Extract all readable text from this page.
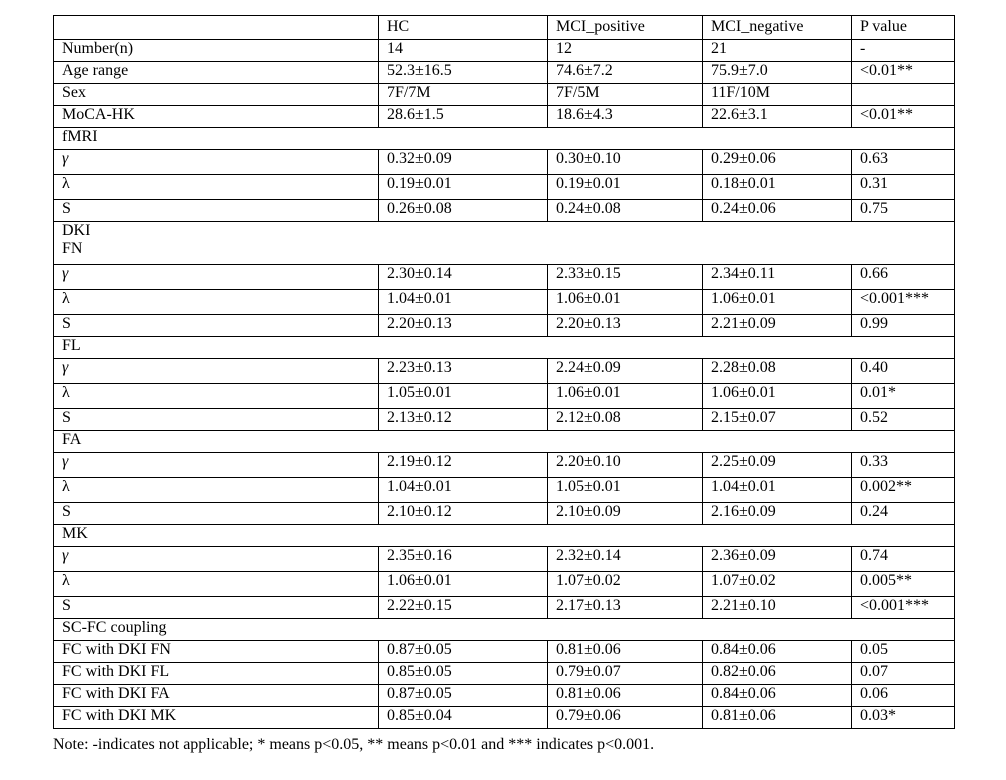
	HC	MCI_positive	MCI_negative	P value
Number(n)	14	12	21	-
Age range	52.3±16.5	74.6±7.2	75.9±7.0	<0.01**
Sex	7F/7M	7F/5M	11F/10M	
MoCA-HK	28.6±1.5	18.6±4.3	22.6±3.1	<0.01**
fMRI				
γ	0.32±0.09	0.30±0.10	0.29±0.06	0.63
λ	0.19±0.01	0.19±0.01	0.18±0.01	0.31
S	0.26±0.08	0.24±0.08	0.24±0.06	0.75

DKI
FN				

γ	2.30±0.14	2.33±0.15	2.34±0.11	0.66
λ	1.04±0.01	1.06±0.01	1.06±0.01	<0.001***
S	2.20±0.13	2.20±0.13	2.21±0.09	0.99
FL				
γ	2.23±0.13	2.24±0.09	2.28±0.08	0.40
λ	1.05±0.01	1.06±0.01	1.06±0.01	0.01*
S	2.13±0.12	2.12±0.08	2.15±0.07	0.52
FA				
γ	2.19±0.12	2.20±0.10	2.25±0.09	0.33
λ	1.04±0.01	1.05±0.01	1.04±0.01	0.002**
S	2.10±0.12	2.10±0.09	2.16±0.09	0.24
MK				
γ	2.35±0.16	2.32±0.14	2.36±0.09	0.74
λ	1.06±0.01	1.07±0.02	1.07±0.02	0.005**
S	2.22±0.15	2.17±0.13	2.21±0.10	<0.001***
SC-FC coupling				
FC with DKI FN	0.87±0.05	0.81±0.06	0.84±0.06	0.05
FC with DKI FL	0.85±0.05	0.79±0.07	0.82±0.06	0.07
FC with DKI FA	0.87±0.05	0.81±0.06	0.84±0.06	0.06
FC with DKI MK	0.85±0.04	0.79±0.06	0.81±0.06	0.03*
Note: -indicates not applicable; * means p<0.05, ** means p<0.01 and *** indicates p<0.001.
